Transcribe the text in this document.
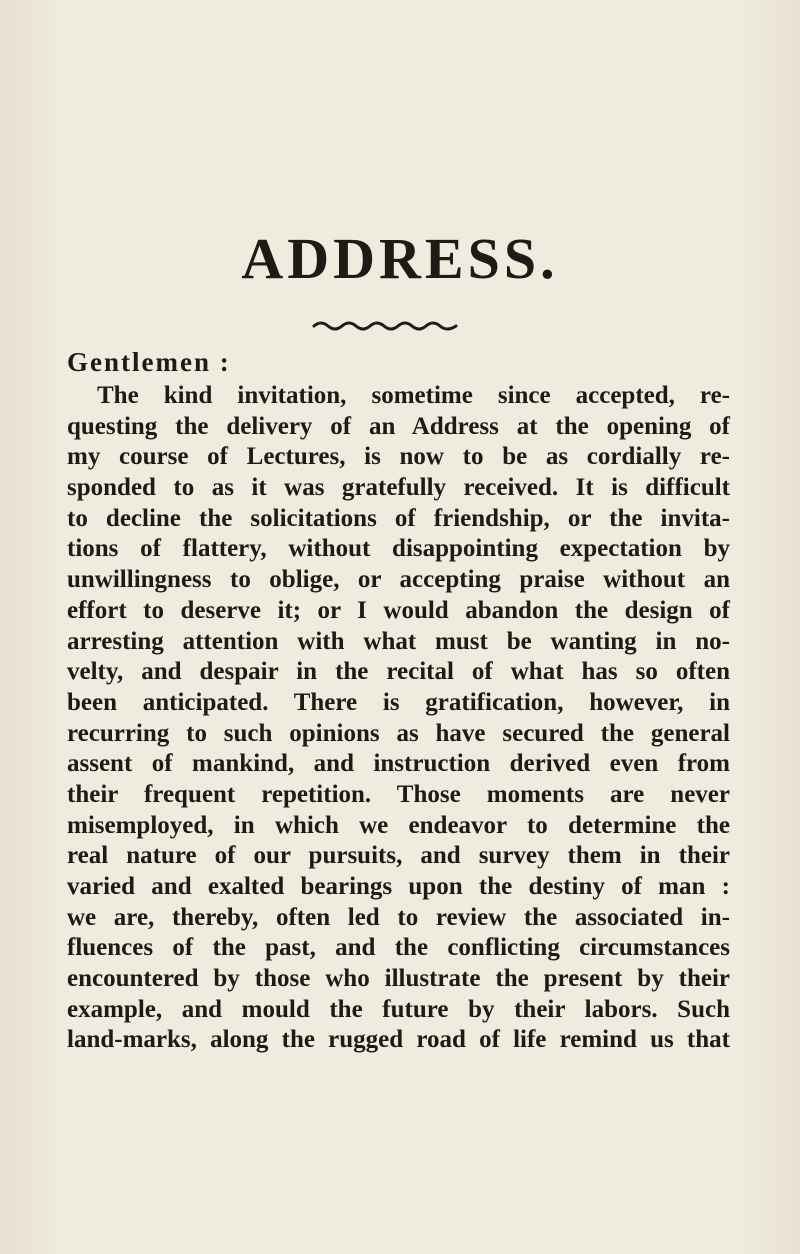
ADDRESS.

Gentlemen :

The kind invitation, sometime since accepted, re-
questing the delivery of an Address at the opening of
my course of Lectures, is now to be as cordially re-
sponded to as it was gratefully received. It is difficult
to decline the solicitations of friendship, or the invita-
tions of flattery, without disappointing expectation by
unwillingness to oblige, or accepting praise without an
effort to deserve it; or I would abandon the design of
arresting attention with what must be wanting in no-
velty, and despair in the recital of what has so often
been anticipated. There is gratification, however, in
recurring to such opinions as have secured the general
assent of mankind, and instruction derived even from
their frequent repetition. Those moments are never
misemployed, in which we endeavor to determine the
real nature of our pursuits, and survey them in their
varied and exalted bearings upon the destiny of man :
we are, thereby, often led to review the associated in-
fluences of the past, and the conflicting circumstances
encountered by those who illustrate the present by their
example, and mould the future by their labors. Such
land-marks, along the rugged road of life remind us that
